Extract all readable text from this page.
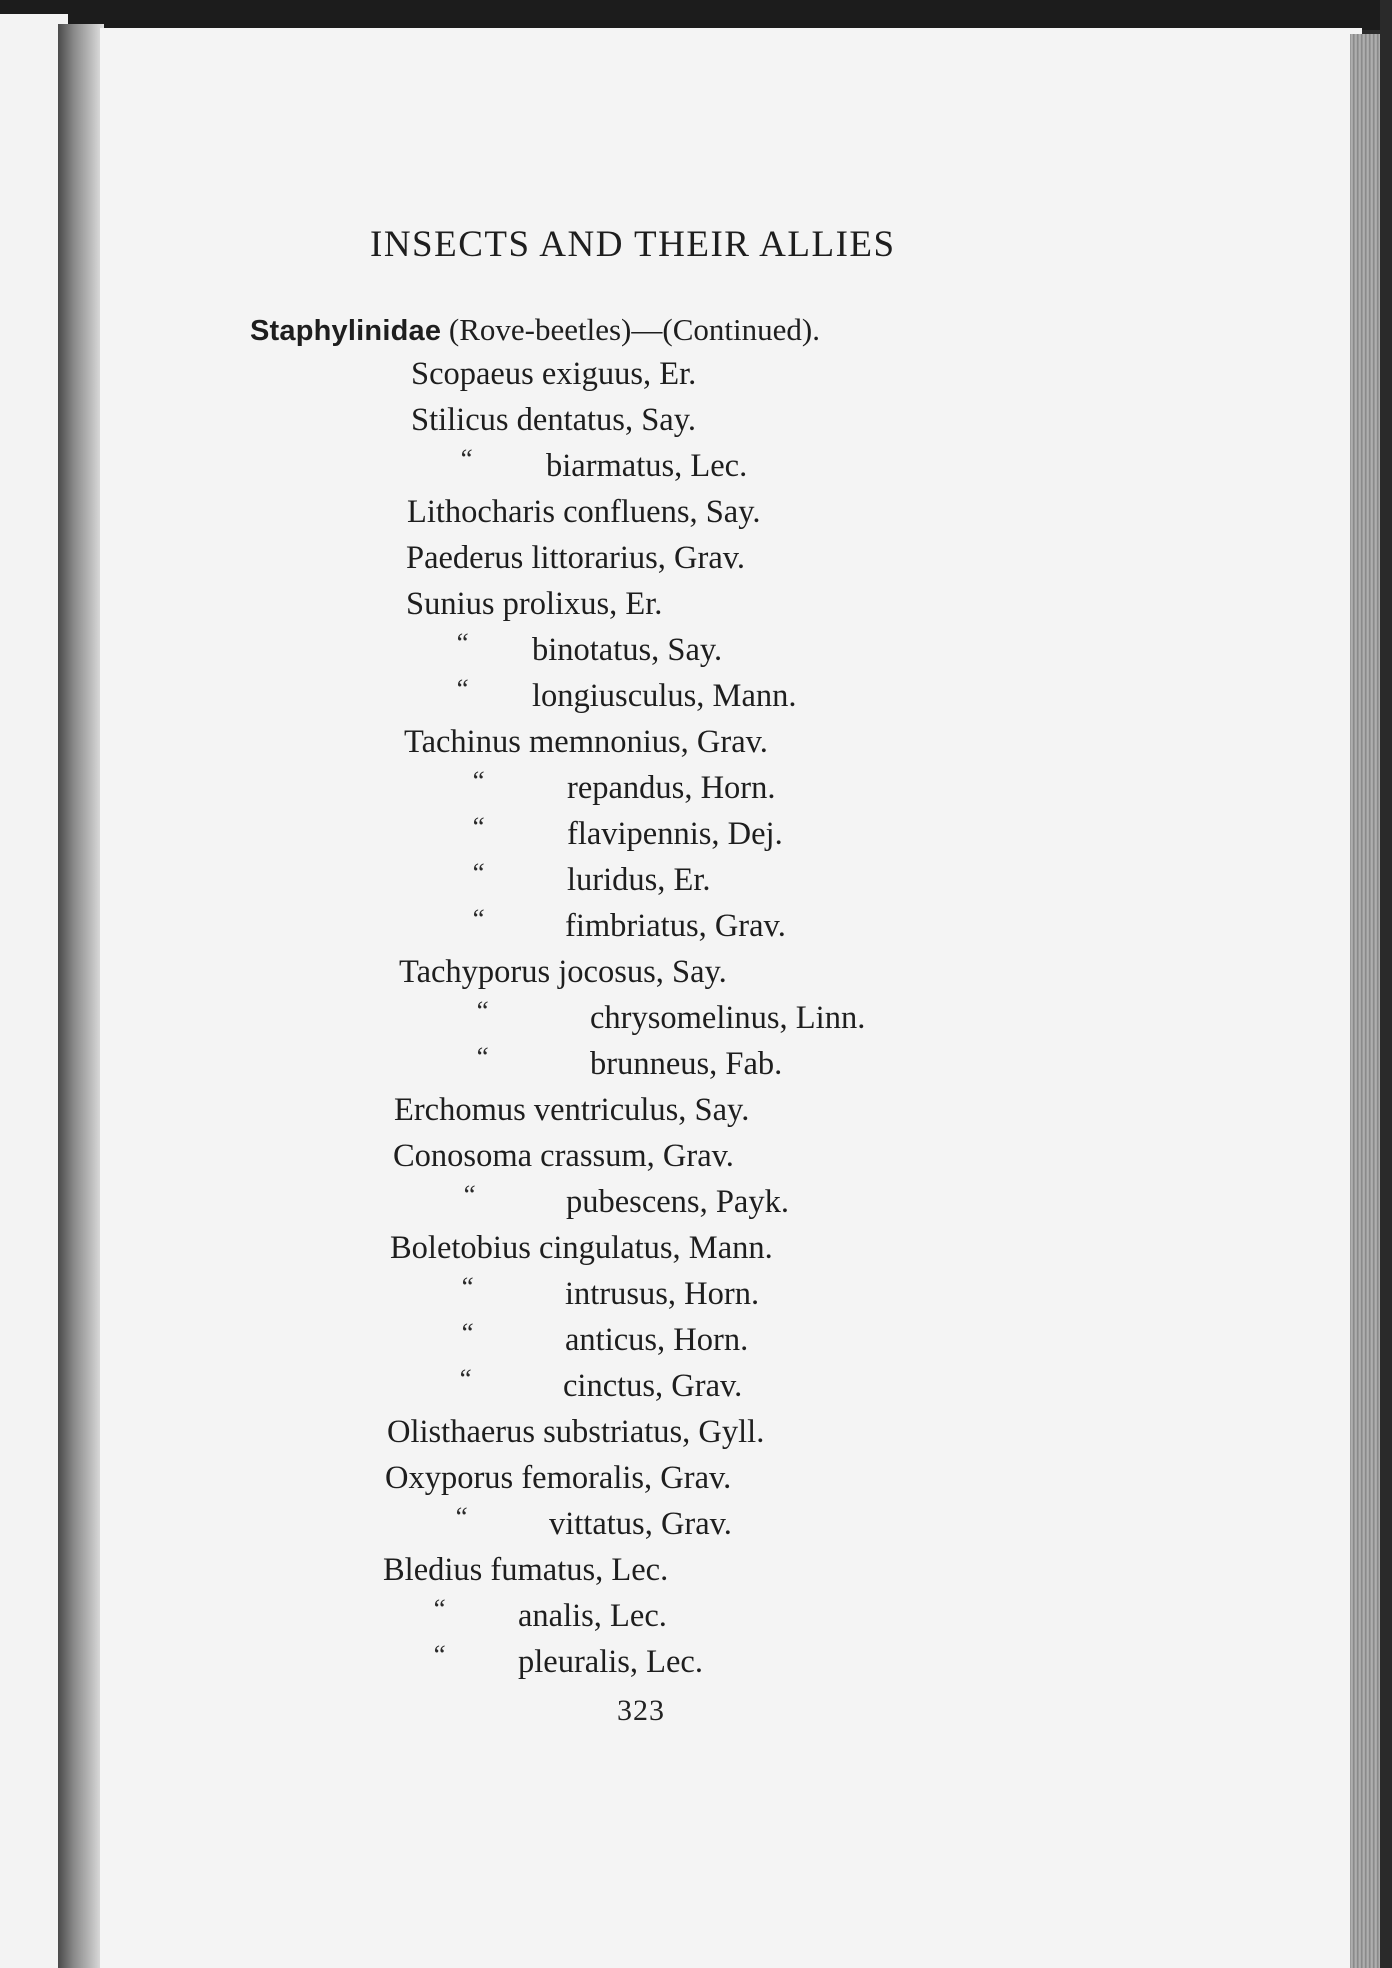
INSECTS AND THEIR ALLIES
Staphylinidae (Rove-beetles)—(Continued).
Scopaeus exiguus, Er.
Stilicus dentatus, Say.
“ biarmatus, Lec.
Lithocharis confluens, Say.
Paederus littorarius, Grav.
Sunius prolixus, Er.
“ binotatus, Say.
“ longiusculus, Mann.
Tachinus memnonius, Grav.
“	repandus, Horn.
“	flavipennis, Dej.
“	luridus, Er.
“ fimbriatus, Grav.
Tachyporus jocosus, Say.
“	chrysomelinus, Linn.
“	brunneus, Fab.
Erchomus ventriculus, Say.
Conosoma crassum, Grav.
“	pubescens, Payk.
Boletobius cingulatus, Mann.
“	intrusus, Horn.
“	anticus, Horn.
“	cinctus, Grav.
Olisthaerus substriatus, Gyll.
Oxyporus femoralis, Grav.
“ vittatus, Grav.
Bledius fumatus, Lec.
“ analis, Lec.
“ pleuralis, Lec.
323
